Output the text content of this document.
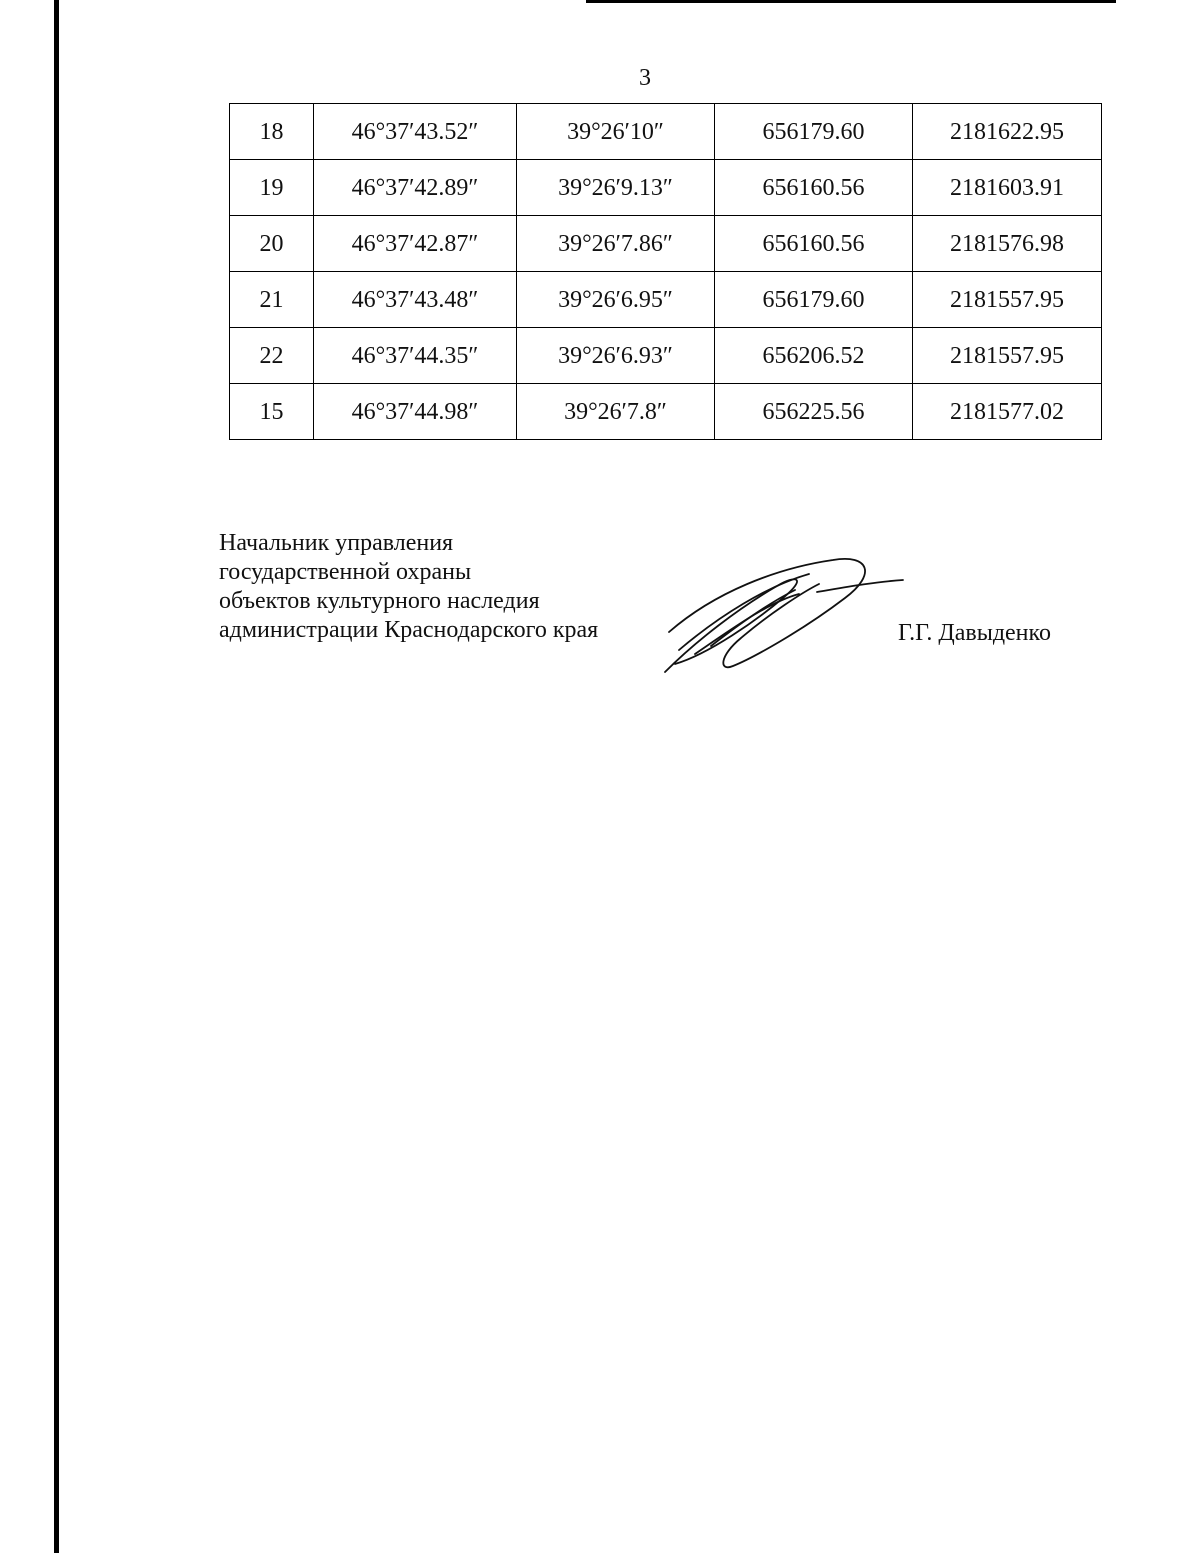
3
18	46°37′43.52″	39°26′10″	656179.60	2181622.95
19	46°37′42.89″	39°26′9.13″	656160.56	2181603.91
20	46°37′42.87″	39°26′7.86″	656160.56	2181576.98
21	46°37′43.48″	39°26′6.95″	656179.60	2181557.95
22	46°37′44.35″	39°26′6.93″	656206.52	2181557.95
15	46°37′44.98″	39°26′7.8″	656225.56	2181577.02
Начальник управления
государственной охраны
объектов культурного наследия
администрации Краснодарского края	Г.Г. Давыденко
